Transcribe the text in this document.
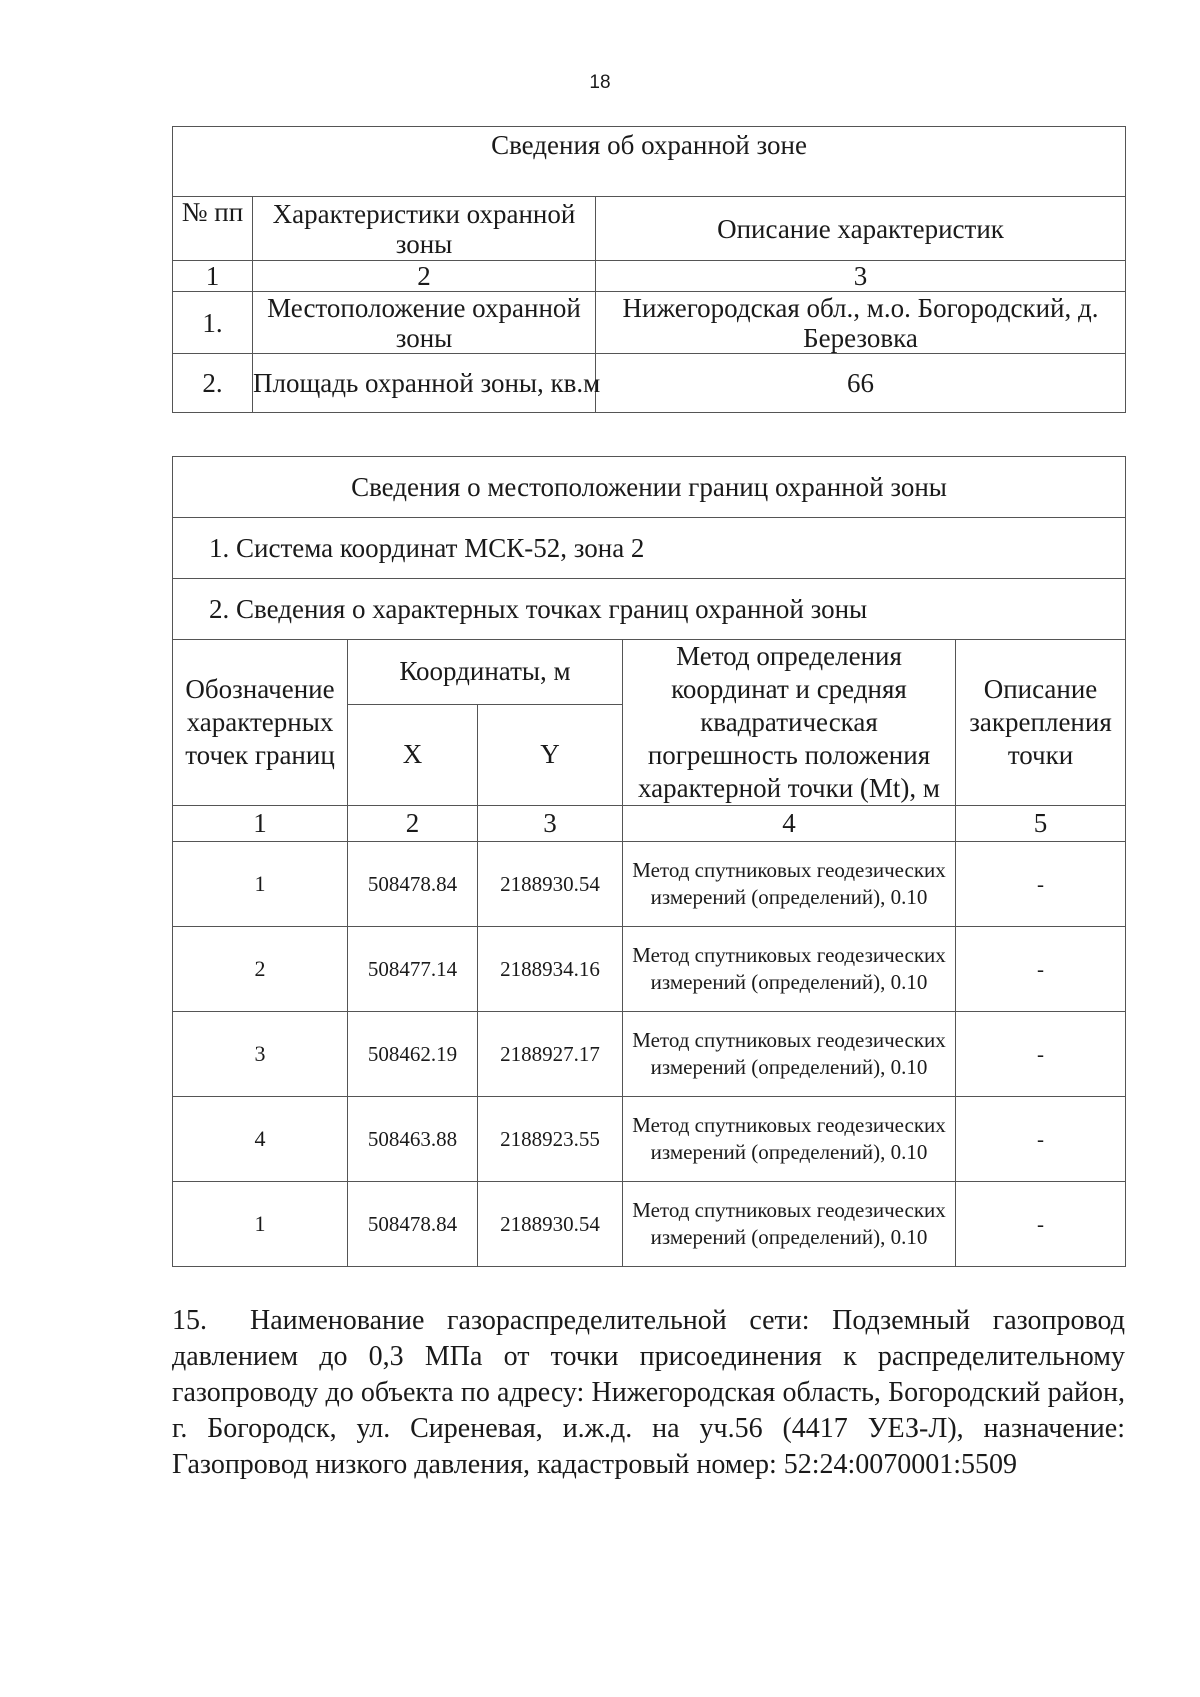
18
Сведения об охранной зоне		
№ пп	Характеристики охранной зоны	Описание характеристик
1	2	3
1.	Местоположение охранной зоны	Нижегородская обл., м.о. Богородский, д. Березовка
2.	Площадь охранной зоны, кв.м	66
Сведения о местоположении границ охранной зоны				
1. Система координат МСК-52, зона 2				
2. Сведения о характерных точках границ охранной зоны				
Обозначение характерных точек границ	Координаты, м		Метод определения координат и средняя квадратическая погрешность положения характерной точки (Mt), м	Описание закрепления точки
	X	Y		
1	2	3	4	5
1	508478.84	2188930.54	Метод спутниковых геодезических измерений (определений), 0.10	-
2	508477.14	2188934.16	Метод спутниковых геодезических измерений (определений), 0.10	-
3	508462.19	2188927.17	Метод спутниковых геодезических измерений (определений), 0.10	-
4	508463.88	2188923.55	Метод спутниковых геодезических измерений (определений), 0.10	-
1	508478.84	2188930.54	Метод спутниковых геодезических измерений (определений), 0.10	-
15. Наименование газораспределительной сети: Подземный газопровод давлением до 0,3 МПа от точки присоединения к распределительному газопроводу до объекта по адресу: Нижегородская область, Богородский район, г. Богородск, ул. Сиреневая, и.ж.д. на уч.56 (4417 УЕЗ-Л), назначение: Газопровод низкого давления, кадастровый номер: 52:24:0070001:5509
